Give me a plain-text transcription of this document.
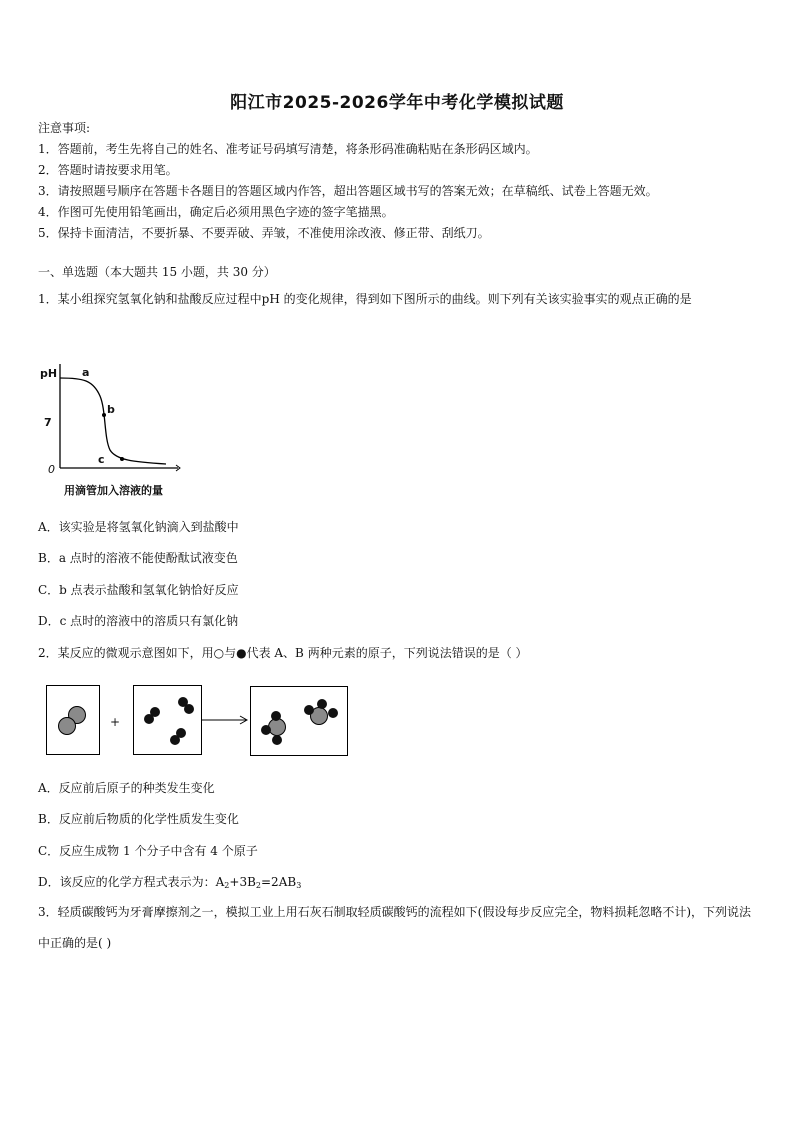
阳江市2025-2026学年中考化学模拟试题
注意事项:
1．答题前，考生先将自己的姓名、准考证号码填写清楚，将条形码准确粘贴在条形码区域内。
2．答题时请按要求用笔。
3．请按照题号顺序在答题卡各题目的答题区域内作答，超出答题区域书写的答案无效；在草稿纸、试卷上答题无效。
4．作图可先使用铅笔画出，确定后必须用黑色字迹的签字笔描黑。
5．保持卡面清洁，不要折暴、不要弄破、弄皱，不准使用涂改液、修正带、刮纸刀。
一、单选题（本大题共 15 小题，共 30 分）
1．某小组探究氢氧化钠和盐酸反应过程中pH 的变化规律，得到如下图所示的曲线。则下列有关该实验事实的观点正确的是
pH
7
0
a
b
c
用滴管加入溶液的量
A．该实验是将氢氧化钠滴入到盐酸中
B．a 点时的溶液不能使酚酞试液变色
C．b 点表示盐酸和氢氧化钠恰好反应
D．c 点时的溶液中的溶质只有氯化钠
2．某反应的微观示意图如下，用○与●代表 A、B 两种元素的原子，下列说法错误的是（ ）
+
A．反应前后原子的种类发生变化
B．反应前后物质的化学性质发生变化
C．反应生成物 1 个分子中含有 4 个原子
D．该反应的化学方程式表示为：$A_2+3B_2=2AB_3$
3．轻质碳酸钙为牙膏摩擦剂之一，模拟工业上用石灰石制取轻质碳酸钙的流程如下(假设每步反应完全，物料损耗忽略不计)，下列说法中正确的是( )
